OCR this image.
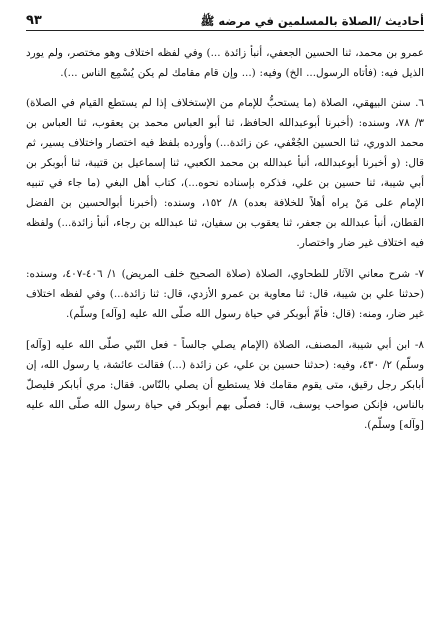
أحاديث /الصلاة بالمسلمين في مرضه ﷺ
٩٣

عمرو بن محمد، ثنا الحسين الجعفي، أنبأ زائدة ...) وفي لفظه اختلاف وهو مختصر، ولم يورد الذيل فيه: (فأتاه الرسول... الخ) وفيه: (... وإن قام مقامك لم يكن يُسْمِع الناس ...).

٦. سنن البيهقي، الصلاة (ما يستحبُّ للإمام من الإستخلاف إذا لم يستطع القيام في الصلاة) ٣/ ٧٨، وسنده: (أخبرنا أبوعبدالله الحافظ، ثنا أبو العباس محمد بن يعقوب، ثنا العباس بن محمد الدوري، ثنا الحسين الجُعْفي، عن زائدة...) وأورده بلفظ فيه اختصار واختلاف يسير، ثم قال: (و أخبرنا أبوعبدالله، أنبأ عبدالله بن محمد الكعبي، ثنا إسماعيل بن قتيبة، ثنا أبوبكر بن أبي شيبة، ثنا حسين بن علي، فذكره بإسناده نحوه...)، كتاب أهل البغي (ما جاء في تنبيه الإمام على مَنْ يراه أهلاً للخلافة بعده) ٨/ ١٥٢، وسنده: (أخبرنا أبوالحسين بن الفضل القطان، أنبأ عبدالله بن جعفر، ثنا يعقوب بن سفيان، ثنا عبدالله بن رجاء، أنبأ زائدة...) ولفظه فيه اختلاف غير ضار واختصار.

٧- شرح معاني الآثار للطحاوي، الصلاة (صلاة الصحيح خلف المريض) ١/ ٤٠٦-٤٠٧، وسنده: (حدثنا علي بن شيبة، قال: ثنا معاوية بن عمرو الأزدي، قال: ثنا زائدة...) وفي لفظه اختلاف غير ضار، ومنه: (قال: فأمّ أبوبكر في حياة رسول الله صلّى الله عليه [وآله] وسلّم).

٨- ابن أبي شيبة، المصنف، الصلاة (الإمام يصلي جالساً - فعل النّبي صلّى الله عليه [وآله] وسلّم) ٢/ ٤٣٠، وفيه: (حدثنا حسين بن علي، عن زائدة (...) فقالت عائشة، يا رسول الله، إن أبابكر رجل رقيق، متى يقوم مقامك فلا يستطيع أن يصلي بالنّاس. فقال: مري أبابكر فليصلّ بالناس، فإنكن صواحب يوسف، قال: فصلّى بهم أبوبكر في حياة رسول الله صلّى الله عليه [وآله] وسلّم).
